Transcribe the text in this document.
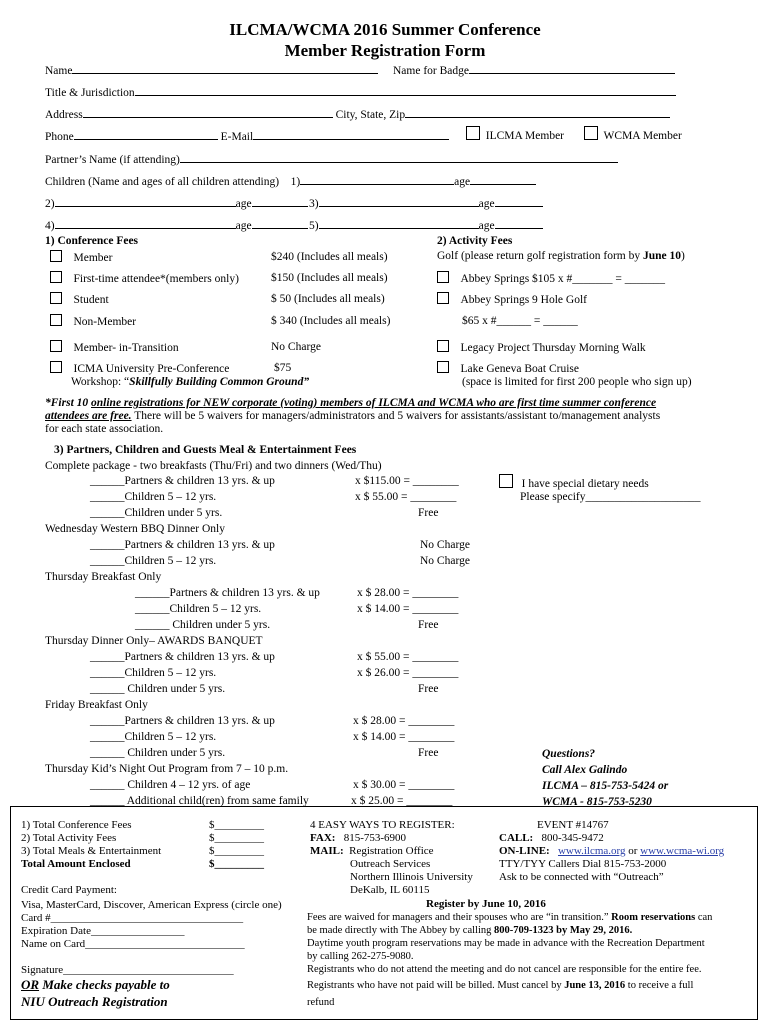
ILCMA/WCMA 2016 Summer Conference
Member Registration Form
Name	Name for Badge
Title & Jurisdiction
Address	City, State, Zip
Phone	E-Mail	ILCMA Member	WCMA Member
Partner’s Name (if attending)
Children (Name and ages of all children attending) 1)	age
2)	age	3)	age
4)	age	5)	age
1) Conference Fees
Member	$240 (Includes all meals)
First-time attendee*(members only)	$150 (Includes all meals)
Student	$ 50 (Includes all meals)
Non-Member	$ 340 (Includes all meals)
Member- in-Transition	No Charge
ICMA University Pre-Conference	$75
Workshop: “Skillfully Building Common Ground”
2) Activity Fees
Golf (please return golf registration form by June 10)
Abbey Springs $105 x #_______ = _______
Abbey Springs 9 Hole Golf
$65 x #______ = ______
Legacy Project Thursday Morning Walk
Lake Geneva Boat Cruise
(space is limited for first 200 people who sign up)
*First 10 online registrations for NEW corporate (voting) members of ILCMA and WCMA who are first time summer conference
attendees are free. There will be 5 waivers for managers/administrators and 5 waivers for assistants/assistant to/management analysts
for each state association.
3) Partners, Children and Guests Meal & Entertainment Fees
Complete package - two breakfasts (Thu/Fri) and two dinners (Wed/Thu)
______Partners & children 13 yrs. & up	x $115.00 = ________
______Children 5 – 12 yrs.	x $ 55.00 = ________
______Children under 5 yrs.	Free
I have special dietary needs
Please specify____________________
Wednesday Western BBQ Dinner Only
______Partners & children 13 yrs. & up	No Charge
______Children 5 – 12 yrs.	No Charge
Thursday Breakfast Only
______Partners & children 13 yrs. & up	x $ 28.00 = ________
______Children 5 – 12 yrs.	x $ 14.00 = ________
______ Children under 5 yrs.	Free
Thursday Dinner Only– AWARDS BANQUET
______Partners & children 13 yrs. & up	x $ 55.00 = ________
______Children 5 – 12 yrs.	x $ 26.00 = ________
______ Children under 5 yrs.	Free
Friday Breakfast Only
______Partners & children 13 yrs. & up	x $ 28.00 = ________
______Children 5 – 12 yrs.	x $ 14.00 = ________
______ Children under 5 yrs.	Free
Thursday Kid’s Night Out Program from 7 – 10 p.m.
______ Children 4 – 12 yrs. of age	x $ 30.00 = ________
______ Additional child(ren) from same family	x $ 25.00 = ________
Questions?
Call Alex Galindo
ILCMA – 815-753-5424 or
WCMA - 815-753-5230
1) Total Conference Fees	$_________
2) Total Activity Fees	$_________
3) Total Meals & Entertainment	$_________
Total Amount Enclosed	$_________
Credit Card Payment:
Visa, MasterCard, Discover, American Express (circle one)
Card #___________________________________
Expiration Date_________________
Name on Card_____________________________
Signature_______________________________
OR Make checks payable to
NIU Outreach Registration
4 EASY WAYS TO REGISTER:	EVENT #14767
FAX: 815-753-6900	CALL: 800-345-9472
MAIL: Registration Office	ON-LINE: www.ilcma.org or www.wcma-wi.org
Outreach Services	TTY/TYY Callers Dial 815-753-2000
Northern Illinois University Ask to be connected with “Outreach”
DeKalb, IL 60115
Register by June 10, 2016
Fees are waived for managers and their spouses who are “in transition.” Room reservations can
be made directly with The Abbey by calling 800-709-1323 by May 29, 2016.
Daytime youth program reservations may be made in advance with the Recreation Department
by calling 262-275-9080.
Registrants who do not attend the meeting and do not cancel are responsible for the entire fee.
Registrants who have not paid will be billed. Must cancel by June 13, 2016 to receive a full
refund
